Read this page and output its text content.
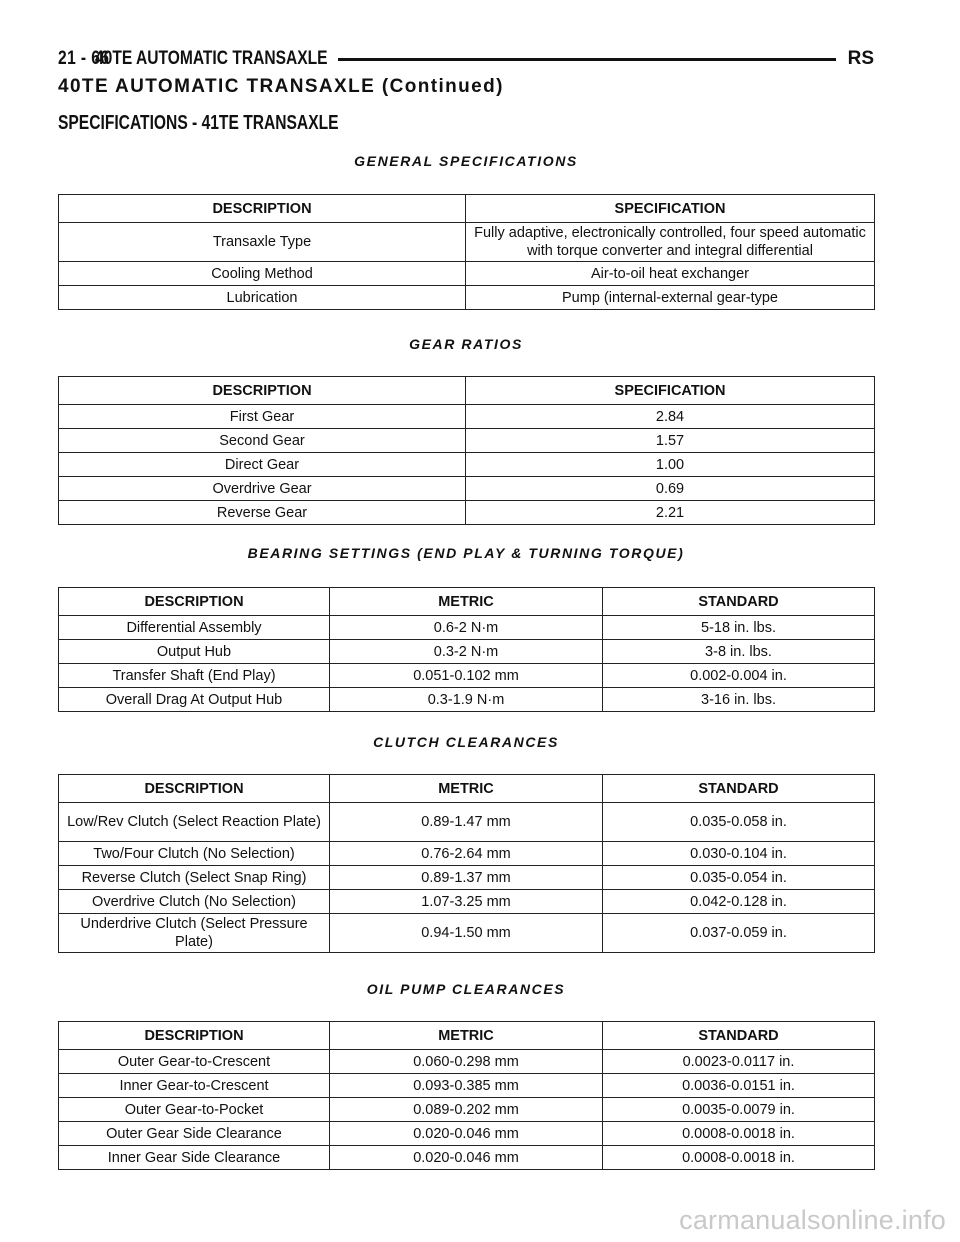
21 - 66
40TE AUTOMATIC TRANSAXLE	RS
40TE AUTOMATIC TRANSAXLE (Continued)
SPECIFICATIONS - 41TE TRANSAXLE
GENERAL SPECIFICATIONS
DESCRIPTION	SPECIFICATION
Transaxle Type	Fully adaptive, electronically controlled, four speed automatic with torque converter and integral differential
Cooling Method	Air-to-oil heat exchanger
Lubrication	Pump (internal-external gear-type
GEAR RATIOS
DESCRIPTION	SPECIFICATION
First Gear	2.84
Second Gear	1.57
Direct Gear	1.00
Overdrive Gear	0.69
Reverse Gear	2.21
BEARING SETTINGS (END PLAY & TURNING TORQUE)
DESCRIPTION	METRIC	STANDARD
Differential Assembly	0.6-2 N·m	5-18 in. lbs.
Output Hub	0.3-2 N·m	3-8 in. lbs.
Transfer Shaft (End Play)	0.051-0.102 mm	0.002-0.004 in.
Overall Drag At Output Hub	0.3-1.9 N·m	3-16 in. lbs.
CLUTCH CLEARANCES
DESCRIPTION	METRIC	STANDARD
Low/Rev Clutch (Select Reaction Plate)	0.89-1.47 mm	0.035-0.058 in.
Two/Four Clutch (No Selection)	0.76-2.64 mm	0.030-0.104 in.
Reverse Clutch (Select Snap Ring)	0.89-1.37 mm	0.035-0.054 in.
Overdrive Clutch (No Selection)	1.07-3.25 mm	0.042-0.128 in.
Underdrive Clutch (Select Pressure Plate)	0.94-1.50 mm	0.037-0.059 in.
OIL PUMP CLEARANCES
DESCRIPTION	METRIC	STANDARD
Outer Gear-to-Crescent	0.060-0.298 mm	0.0023-0.0117 in.
Inner Gear-to-Crescent	0.093-0.385 mm	0.0036-0.0151 in.
Outer Gear-to-Pocket	0.089-0.202 mm	0.0035-0.0079 in.
Outer Gear Side Clearance	0.020-0.046 mm	0.0008-0.0018 in.
Inner Gear Side Clearance	0.020-0.046 mm	0.0008-0.0018 in.
carmanualsonline.info
